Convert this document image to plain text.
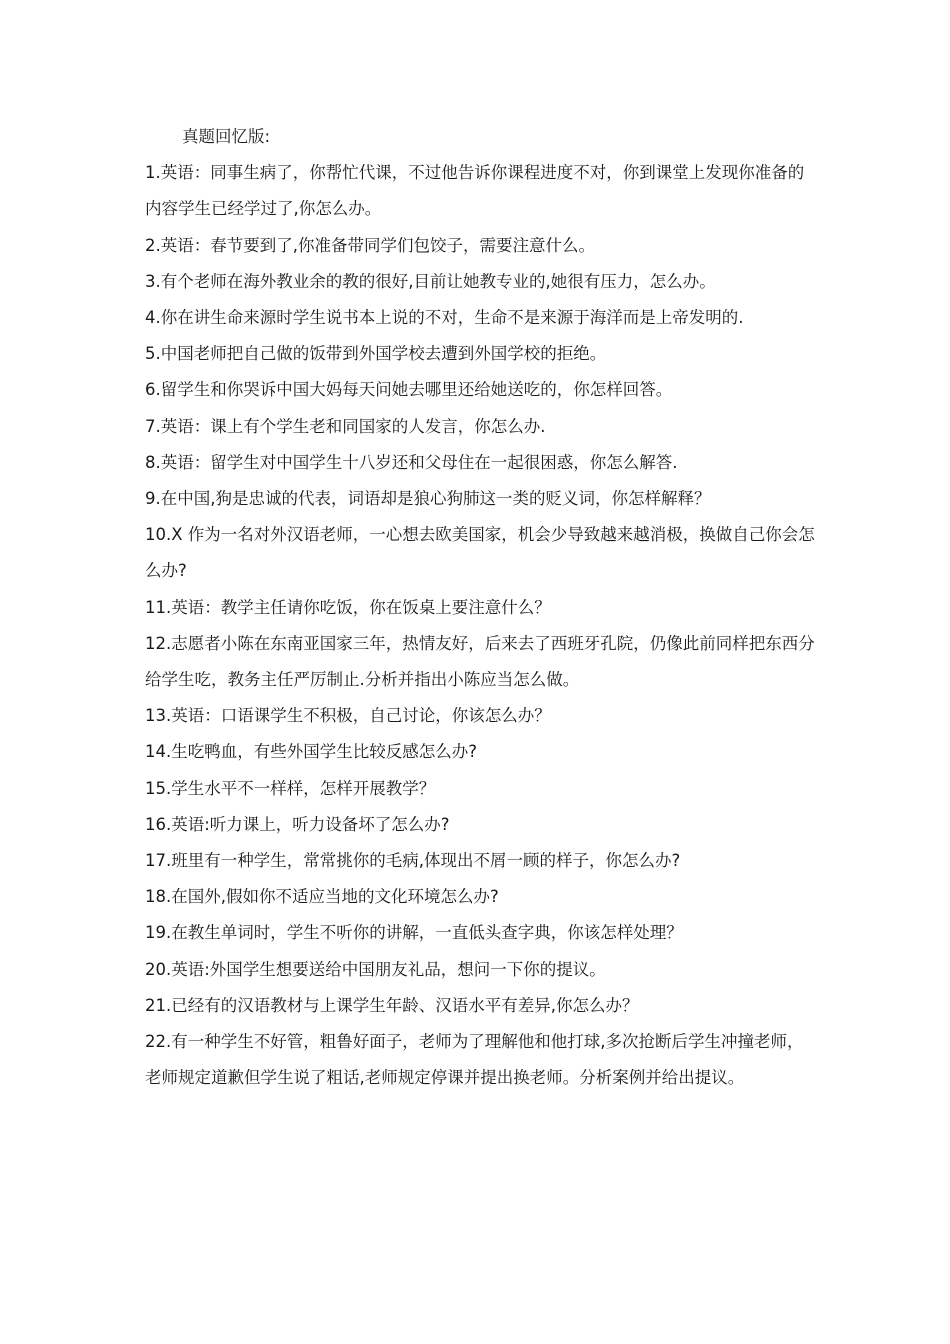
真题回忆版:

1.英语：同事生病了，你帮忙代课，不过他告诉你课程进度不对，你到课堂上发现你准备的内容学生已经学过了,你怎么办。
2.英语：春节要到了,你准备带同学们包饺子，需要注意什么。
3.有个老师在海外教业余的教的很好,目前让她教专业的,她很有压力，怎么办。
4.你在讲生命来源时学生说书本上说的不对，生命不是来源于海洋而是上帝发明的.
5.中国老师把自己做的饭带到外国学校去遭到外国学校的拒绝。
6.留学生和你哭诉中国大妈每天问她去哪里还给她送吃的，你怎样回答。
7.英语：课上有个学生老和同国家的人发言，你怎么办.
8.英语：留学生对中国学生十八岁还和父母住在一起很困惑，你怎么解答.
9.在中国,狗是忠诚的代表，词语却是狼心狗肺这一类的贬义词，你怎样解释？
10.X 作为一名对外汉语老师，一心想去欧美国家，机会少导致越来越消极，换做自己你会怎么办?
11.英语：教学主任请你吃饭，你在饭桌上要注意什么？
12.志愿者小陈在东南亚国家三年，热情友好，后来去了西班牙孔院，仍像此前同样把东西分给学生吃，教务主任严厉制止.分析并指出小陈应当怎么做。
13.英语：口语课学生不积极，自己讨论，你该怎么办？
14.生吃鸭血，有些外国学生比较反感怎么办?
15.学生水平不一样样，怎样开展教学？
16.英语:听力课上，听力设备坏了怎么办?
17.班里有一种学生，常常挑你的毛病,体现出不屑一顾的样子，你怎么办?
18.在国外,假如你不适应当地的文化环境怎么办?
19.在教生单词时，学生不听你的讲解，一直低头查字典，你该怎样处理？
20.英语:外国学生想要送给中国朋友礼品，想问一下你的提议。
21.已经有的汉语教材与上课学生年龄、汉语水平有差异,你怎么办？
22.有一种学生不好管，粗鲁好面子，老师为了理解他和他打球,多次抢断后学生冲撞老师，老师规定道歉但学生说了粗话,老师规定停课并提出换老师。分析案例并给出提议。
